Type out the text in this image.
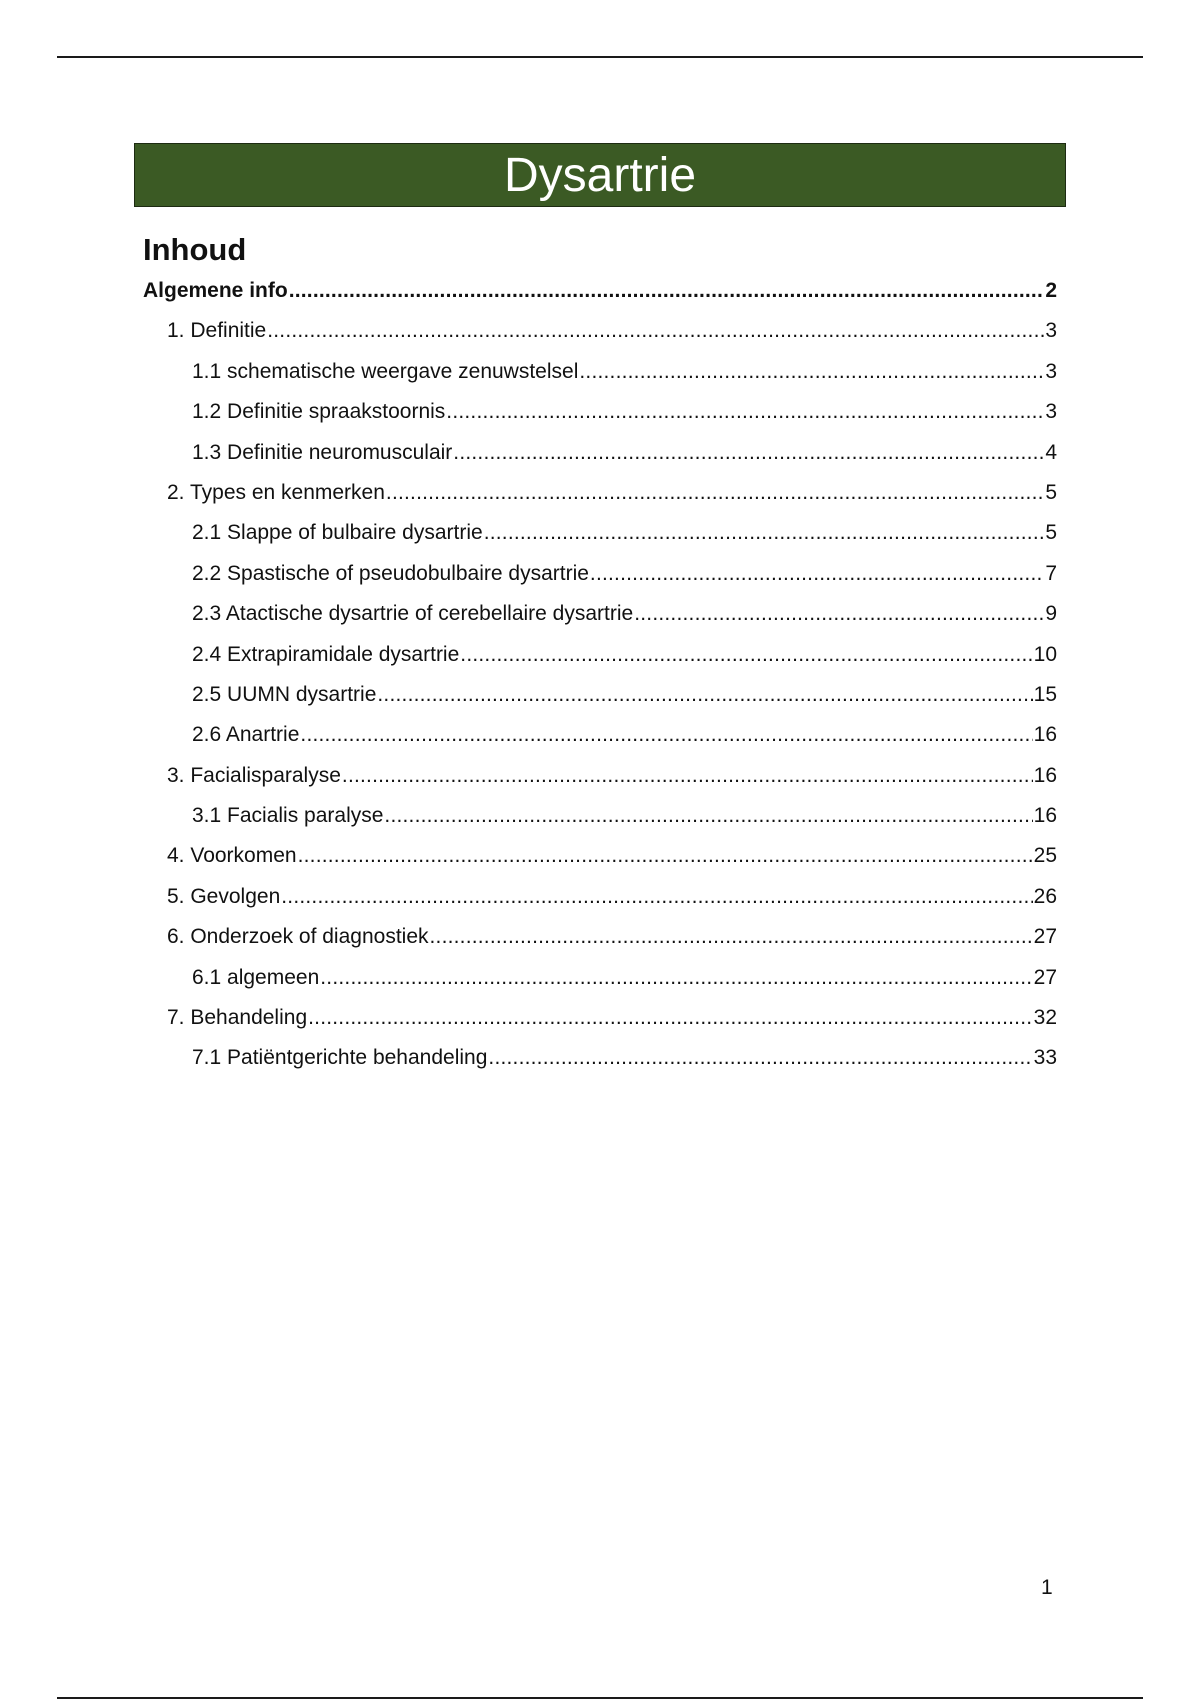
Dysartrie
Inhoud
Algemene info .....	2
1. Definitie .....	3
1.1 schematische weergave zenuwstelsel .....	3
1.2 Definitie spraakstoornis .....	3
1.3 Definitie neuromusculair .....	4
2. Types en kenmerken .....	5
2.1 Slappe of bulbaire dysartrie .....	5
2.2 Spastische of pseudobulbaire dysartrie .....	7
2.3 Atactische dysartrie of cerebellaire dysartrie .....	9
2.4 Extrapiramidale dysartrie .....	10
2.5 UUMN dysartrie .....	15
2.6 Anartrie .....	16
3. Facialisparalyse .....	16
3.1 Facialis paralyse .....	16
4. Voorkomen .....	25
5. Gevolgen .....	26
6. Onderzoek of diagnostiek .....	27
6.1 algemeen .....	27
7. Behandeling .....	32
7.1 Patiëntgerichte behandeling .....	33
1
